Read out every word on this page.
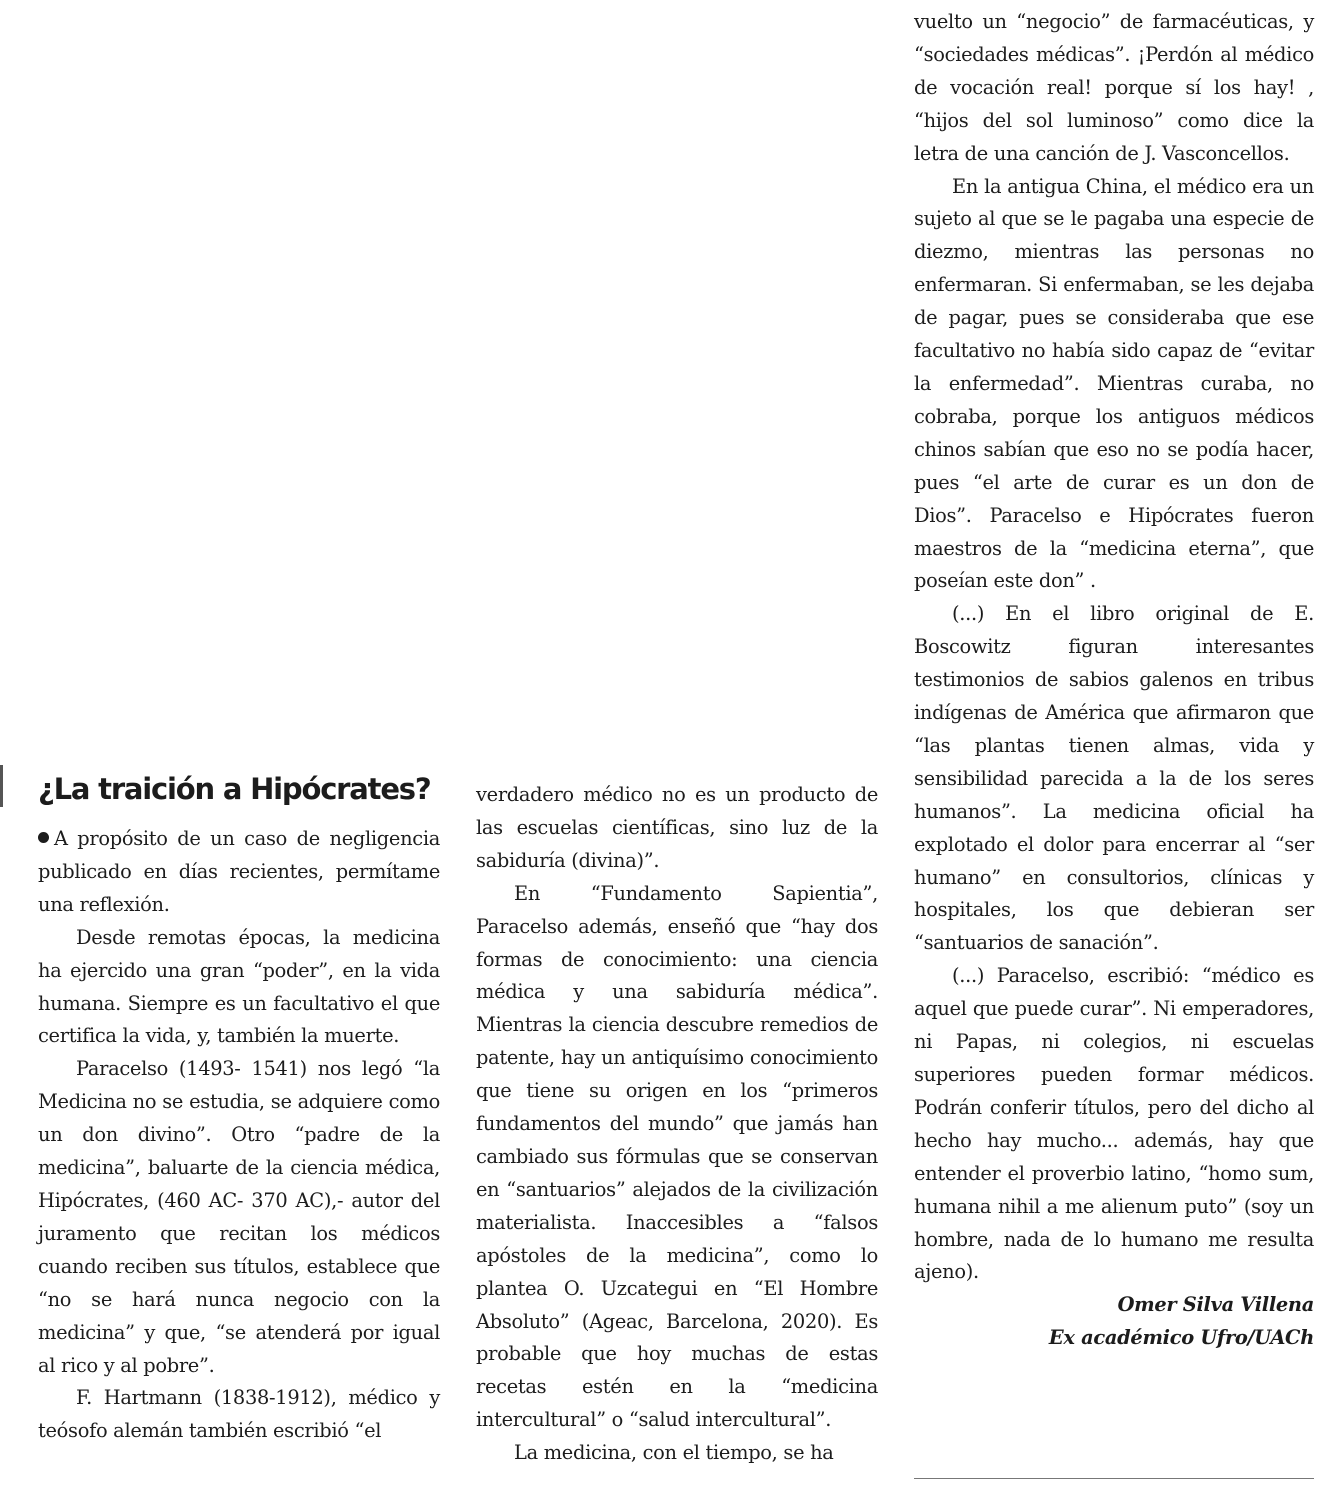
¿La traición a Hipócrates?

A propósito de un caso de negligencia publicado en días recientes, permítame una reflexión.

Desde remotas épocas, la medicina ha ejercido una gran “poder”, en la vida humana. Siempre es un facultativo el que certifica la vida, y, también la muerte.

Paracelso (1493- 1541) nos legó “la Medicina no se estudia, se adquiere como un don divino”. Otro “padre de la medicina”, baluarte de la ciencia médica, Hipócrates, (460 AC- 370 AC),- autor del juramento que recitan los médicos cuando reciben sus títulos, establece que “no se hará nunca negocio con la medicina” y que, “se atenderá por igual al rico y al pobre”.

F. Hartmann (1838-1912), médico y teósofo alemán también escribió “el

verdadero médico no es un producto de las escuelas científicas, sino luz de la sabiduría (divina)”.

En “Fundamento Sapientia”, Paracelso además, enseñó que “hay dos formas de conocimiento: una ciencia médica y una sabiduría médica”. Mientras la ciencia descubre remedios de patente, hay un antiquísimo conocimiento que tiene su origen en los “primeros fundamentos del mundo” que jamás han cambiado sus fórmulas que se conservan en “santuarios” alejados de la civilización materialista. Inaccesibles a “falsos apóstoles de la medicina”, como lo plantea O. Uzcategui en “El Hombre Absoluto” (Ageac, Barcelona, 2020). Es probable que hoy muchas de estas recetas estén en la “medicina intercultural” o “salud intercultural”.

La medicina, con el tiempo, se ha

vuelto un “negocio” de farmacéuticas, y “sociedades médicas”. ¡Perdón al médico de vocación real! porque sí los hay! , “hijos del sol luminoso” como dice la letra de una canción de J. Vasconcellos.

En la antigua China, el médico era un sujeto al que se le pagaba una especie de diezmo, mientras las personas no enfermaran. Si enfermaban, se les dejaba de pagar, pues se consideraba que ese facultativo no había sido capaz de “evitar la enfermedad”. Mientras curaba, no cobraba, porque los antiguos médicos chinos sabían que eso no se podía hacer, pues “el arte de curar es un don de Dios”. Paracelso e Hipócrates fueron maestros de la “medicina eterna”, que poseían este don” .

(...) En el libro original de E. Boscowitz figuran interesantes testimonios de sabios galenos en tribus indígenas de América que afirmaron que “las plantas tienen almas, vida y sensibilidad parecida a la de los seres humanos”. La medicina oficial ha explotado el dolor para encerrar al “ser humano” en consultorios, clínicas y hospitales, los que debieran ser “santuarios de sanación”.

(...) Paracelso, escribió: “médico es aquel que puede curar”. Ni emperadores, ni Papas, ni colegios, ni escuelas superiores pueden formar médicos. Podrán conferir títulos, pero del dicho al hecho hay mucho... además, hay que entender el proverbio latino, “homo sum, humana nihil a me alienum puto” (soy un hombre, nada de lo humano me resulta ajeno).

Omer Silva Villena

Ex académico Ufro/UACh
